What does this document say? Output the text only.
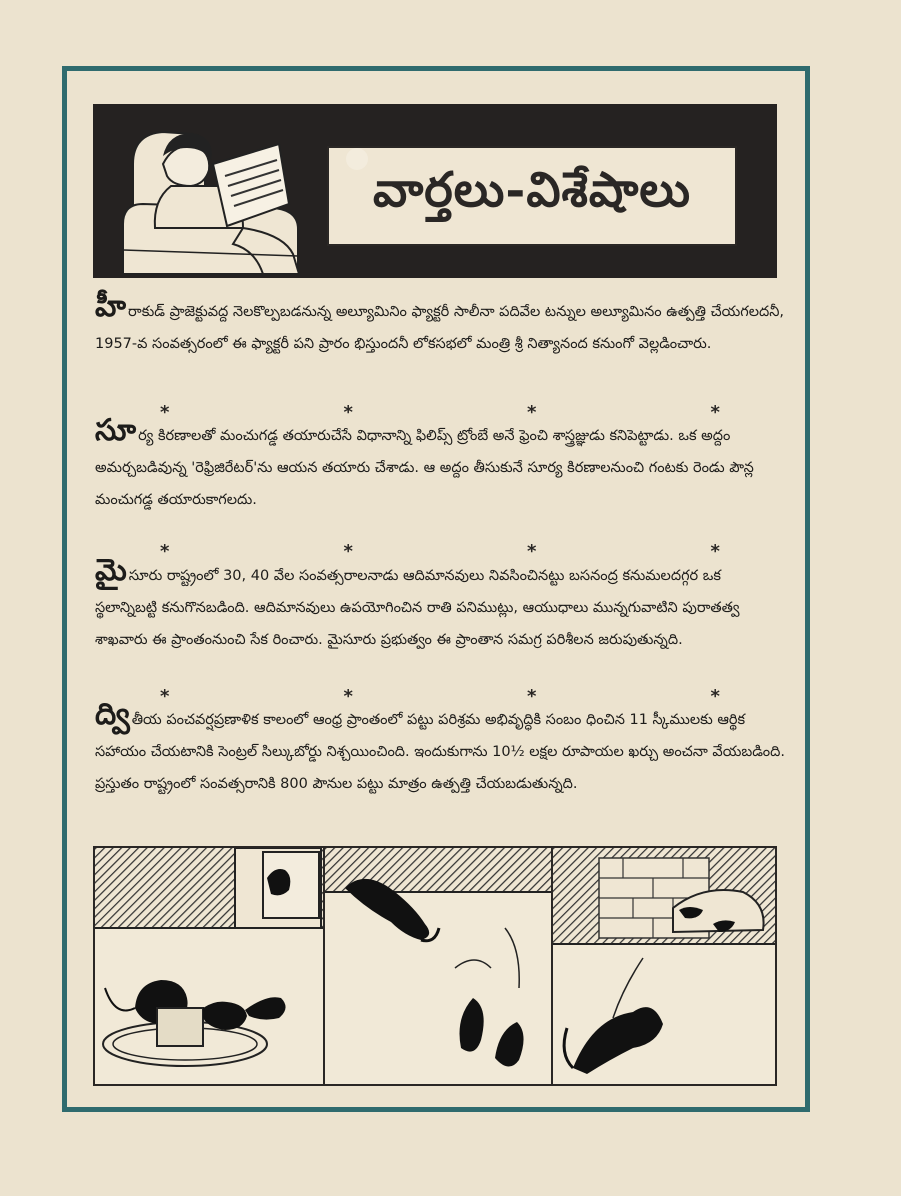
వార్తలు-విశేషాలు

హీరాకుడ్ ప్రాజెక్టువద్ద నెలకొల్పబడనున్న అల్యూమినిం ఫ్యాక్టరీ సాలీనా పదివేల టన్నుల అల్యూమినం ఉత్పత్తి చేయగలదనీ, 1957-వ సంవత్సరంలో ఈ ఫ్యాక్టరీ పని ప్రారం భిస్తుందనీ లోకసభలో మంత్రి శ్రీ నిత్యానంద కనుంగో వెల్లడించారు.

*	*	*	*

సూర్య కిరణాలతో మంచుగడ్డ తయారుచేసే విధానాన్ని ఫిలిప్స్ ట్రోంబే అనే ఫ్రెంచి శాస్త్రజ్ఞుడు కనిపెట్టాడు. ఒక అద్దం అమర్చబడివున్న 'రెఫ్రిజిరేటర్'ను ఆయన తయారు చేశాడు. ఆ అద్దం తీసుకునే సూర్య కిరణాలనుంచి గంటకు రెండు పౌన్ల మంచుగడ్డ తయారుకాగలదు.

*	*	*	*

మైసూరు రాష్ట్రంలో 30, 40 వేల సంవత్సరాలనాడు ఆదిమానవులు నివసించినట్టు బసనంద్ర కనుమలదగ్గర ఒక స్థలాన్నిబట్టి కనుగొనబడింది. ఆదిమానవులు ఉపయోగించిన రాతి పనిముట్లు, ఆయుధాలు మున్నగువాటిని పురాతత్వ శాఖవారు ఈ ప్రాంతంనుంచి సేక రించారు. మైసూరు ప్రభుత్వం ఈ ప్రాంతాన సమగ్ర పరిశీలన జరుపుతున్నది.

*	*	*	*

ద్వి తీయ పంచవర్షప్రణాళిక కాలంలో ఆంధ్ర ప్రాంతంలో పట్టు పరిశ్రమ అభివృద్ధికి సంబం ధించిన 11 స్కీములకు ఆర్థిక సహాయం చేయటానికి సెంట్రల్ సిల్కుబోర్డు నిశ్చయించింది. ఇందుకుగాను 10½ లక్షల రూపాయల ఖర్చు అంచనా వేయబడింది. ప్రస్తుతం రాష్ట్రంలో సంవత్సరానికి 800 పౌనుల పట్టు మాత్రం ఉత్పత్తి చేయబడుతున్నది.
